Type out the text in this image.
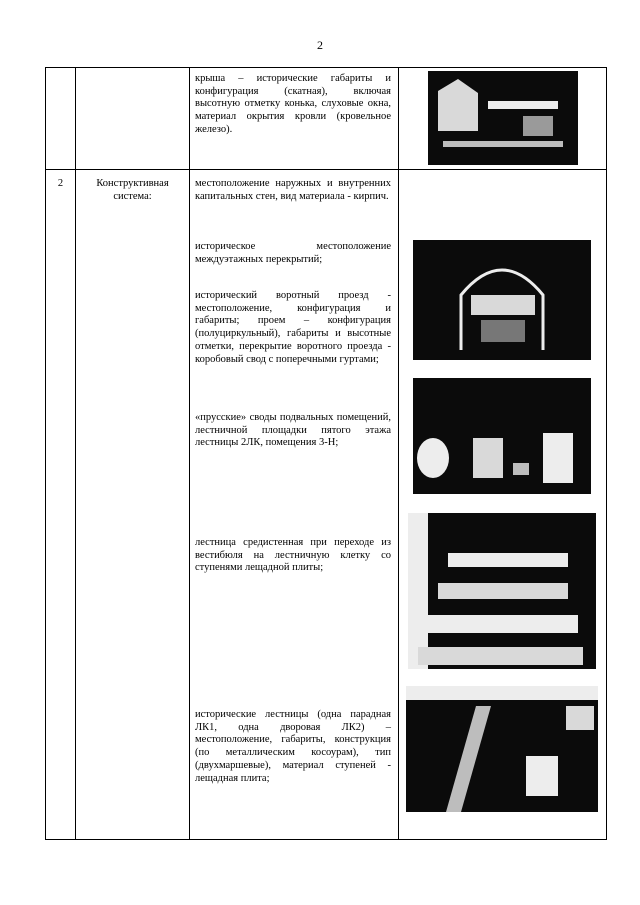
2
крыша – исторические габариты и конфигурация (скатная), включая высотную отметку конька, слуховые окна, материал окрытия кровли (кровельное железо).
2	Конструктивная система:
местоположение наружных и внутренних капитальных стен, вид материала - кирпич.
историческое местоположение междуэтажных перекрытий;
исторический воротный проезд - местоположение, конфигурация и габариты; проем – конфигурация (полуциркульный), габариты и высотные отметки, перекрытие воротного проезда - коробовый свод с поперечными гуртами;
«прусские» своды подвальных помещений, лестничной площадки пятого этажа лестницы 2ЛК, помещения 3-Н;
лестница средистенная при переходе из вестибюля на лестничную клетку со ступенями лещадной плиты;
исторические лестницы (одна парадная ЛК1, одна дворовая ЛК2) – местоположение, габариты, конструкция (по металлическим косоурам), тип (двухмаршевые), материал ступеней - лещадная плита;
